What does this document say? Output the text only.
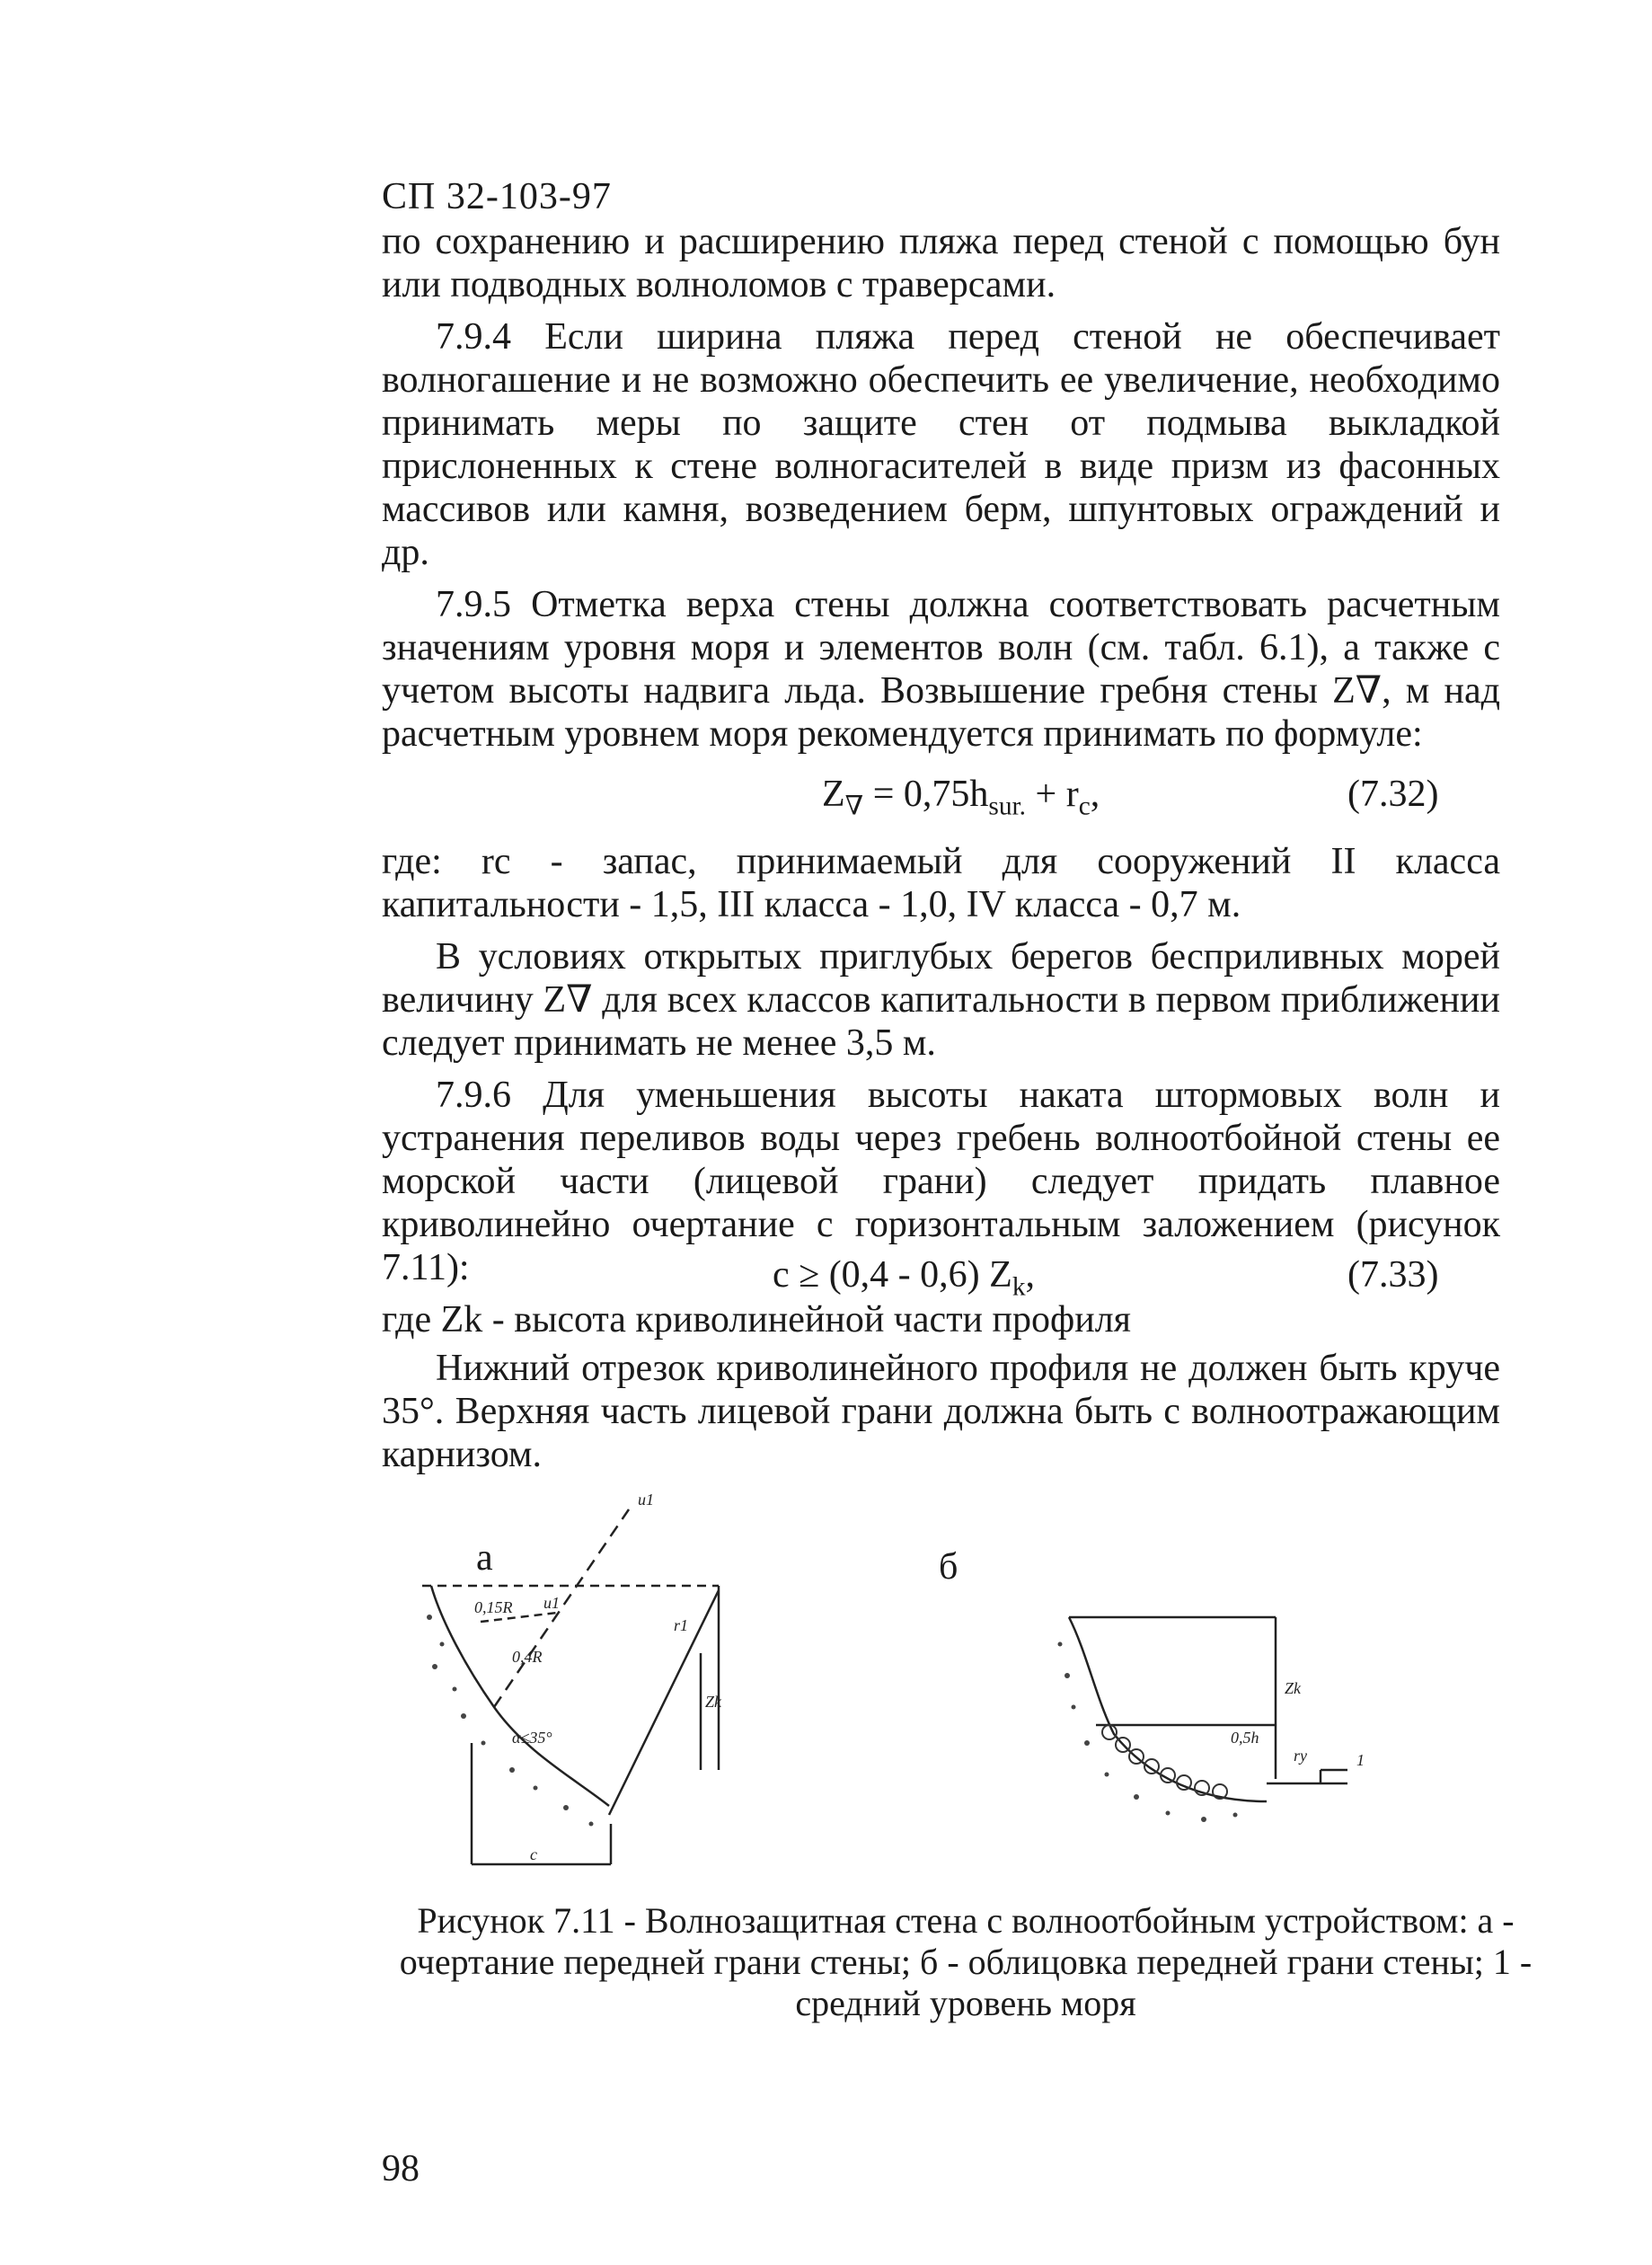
СП 32-103-97

по сохранению и расширению пляжа перед стеной с помощью бун или подводных волноломов с траверсами.

7.9.4 Если ширина пляжа перед стеной не обеспечивает волногашение и не возможно обеспечить ее увеличение, необходимо принимать меры по защите стен от подмыва выкладкой прислоненных к стене волногасителей в виде призм из фасонных массивов или камня, возведением берм, шпунтовых ограждений и др.

7.9.5 Отметка верха стены должна соответствовать расчетным значениям уровня моря и элементов волн (см. табл. 6.1), а также с учетом высоты надвига льда. Возвышение гребня стены Z∇, м над расчетным уровнем моря рекомендуется принимать по формуле:

$Z_\nabla = 0,75h_{sur.} + r_c$,	(7.32)

где: rc - запас, принимаемый для сооружений II класса капитальности - 1,5, III класса - 1,0, IV класса - 0,7 м.

В условиях открытых приглубых берегов бесприливных морей величину Z∇ для всех классов капитальности в первом приближении следует принимать не менее 3,5 м.

7.9.6 Для уменьшения высоты наката штормовых волн и устранения переливов воды через гребень волноотбойной стены ее морской части (лицевой грани) следует придать плавное криволинейно очертание с горизонтальным заложением (рисунок 7.11):	c ≥ (0,4 - 0,6) $Z_k$,	(7.33)

где Zk - высота криволинейной части профиля

Нижний отрезок криволинейного профиля не должен быть круче 35°. Верхняя часть лицевой грани должна быть с волноотражающим карнизом.

a	б
u1
0,15R u1
0,4R
r1
Zk
c
α≤35°
Zk
0,5h
ry	1
Рисунок 7.11 - Волнозащитная стена с волноотбойным устройством: а - очертание передней грани стены; б - облицовка передней грани стены; 1 - средний уровень моря
98
